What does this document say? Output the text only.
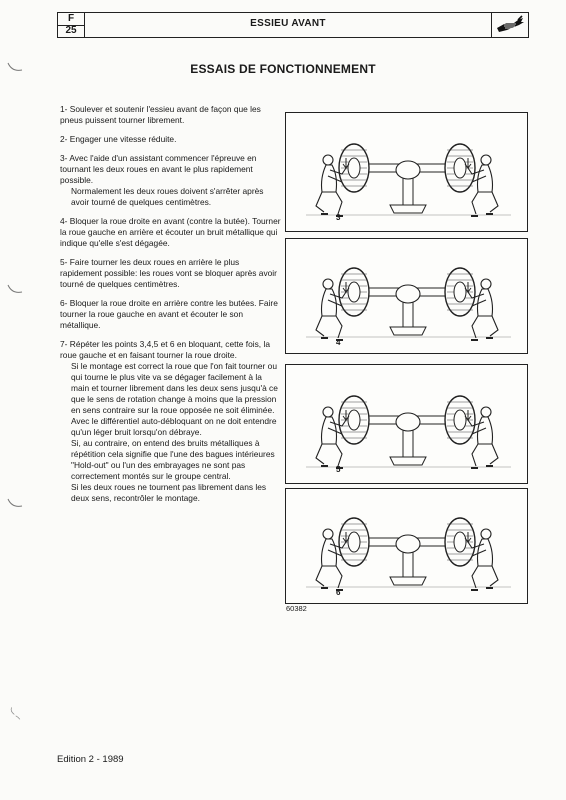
F
25
ESSIEU AVANT
ESSAIS DE FONCTIONNEMENT
1- Soulever et soutenir l'essieu avant de façon que les pneus puissent tourner librement.
2- Engager une vitesse réduite.
3- Avec l'aide d'un assistant commencer l'épreuve en tournant les deux roues en avant le plus rapidement possible.
Normalement les deux roues doivent s'arrêter après avoir tourné de quelques centimètres.
4- Bloquer la roue droite en avant (contre la butée). Tourner la roue gauche en arrière et écouter un bruit métallique qui indique qu'elle s'est dégagée.
5- Faire tourner les deux roues en arrière le plus rapidement possible: les roues vont se bloquer après avoir tourné de quelques centimètres.
6- Bloquer la roue droite en arrière contre les butées. Faire tourner la roue gauche en avant et écouter le son métallique.
7- Répéter les points 3,4,5 et 6 en bloquant, cette fois, la roue gauche et en faisant tourner la roue droite.
Si le montage est correct la roue que l'on fait tourner ou qui tourne le plus vite va se dégager facilement à la main et tourner librement dans les deux sens jusqu'à ce que le sens de rotation change à moins que la pression en sens contraire sur la roue opposée ne soit éliminée.
Avec le différentiel auto-débloquant on ne doit entendre qu'un léger bruit lorsqu'on débraye.
Si, au contraire, on entend des bruits métalliques à répétition cela signifie que l'une des bagues intérieures "Hold-out" ou l'un des embrayages ne sont pas correctement montés sur le groupe central.
Si les deux roues ne tournent pas librement dans les deux sens, recontrôler le montage.
3
4
5
6
60382
Edition 2 - 1989
